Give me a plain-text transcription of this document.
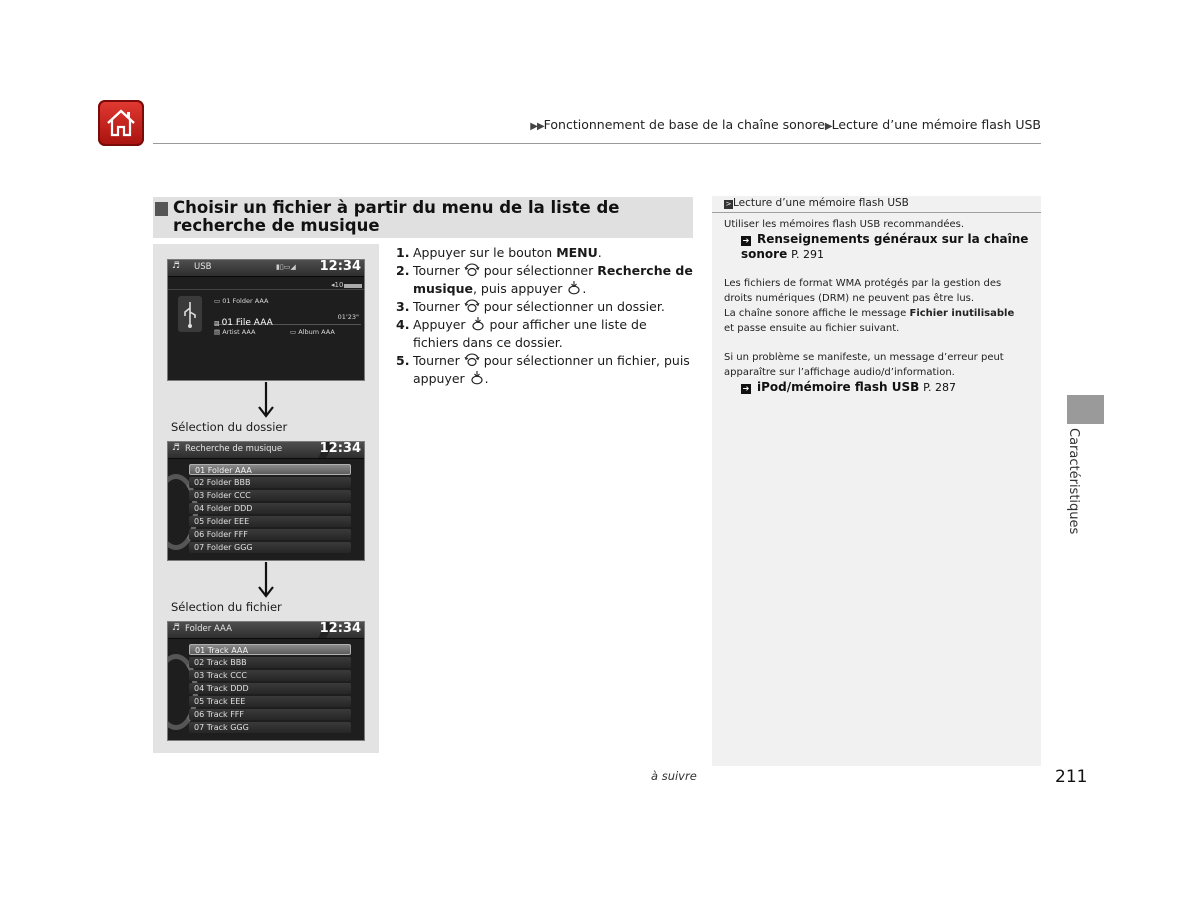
▶▶Fonctionnement de base de la chaîne sonore▶Lecture d’une mémoire flash USB
Choisir un fichier à partir du menu de la liste de recherche de musique
♬ USB	▮▯▭◢ 12:34
◂10
▭ 01 Folder AAA
▨ 01 File AAA
01'23"
▤ Artist AAA	▭ Album AAA
Sélection du dossier
♬ Recherche de musique	12:34
01 Folder AAA
02 Folder BBB
03 Folder CCC
04 Folder DDD
05 Folder EEE
06 Folder FFF
07 Folder GGG
Sélection du fichier
♬ Folder AAA	12:34
01 Track AAA
02 Track BBB
03 Track CCC
04 Track DDD
05 Track EEE
06 Track FFF
07 Track GGG
1. Appuyer sur le bouton MENU.
2. Tourner  pour sélectionner Recherche de musique, puis appuyer .
3. Tourner  pour sélectionner un dossier.
4. Appuyer  pour afficher une liste de fichiers dans ce dossier.
5. Tourner  pour sélectionner un fichier, puis appuyer .
> Lecture d’une mémoire flash USB
Utiliser les mémoires flash USB recommandées.
➔ Renseignements généraux sur la chaîne sonore P. 291
Les fichiers de format WMA protégés par la gestion des droits numériques (DRM) ne peuvent pas être lus.
La chaîne sonore affiche le message Fichier inutilisable et passe ensuite au fichier suivant.
Si un problème se manifeste, un message d’erreur peut apparaître sur l’affichage audio/d’information.
➔ iPod/mémoire flash USB P. 287
Caractéristiques
à suivre	211
